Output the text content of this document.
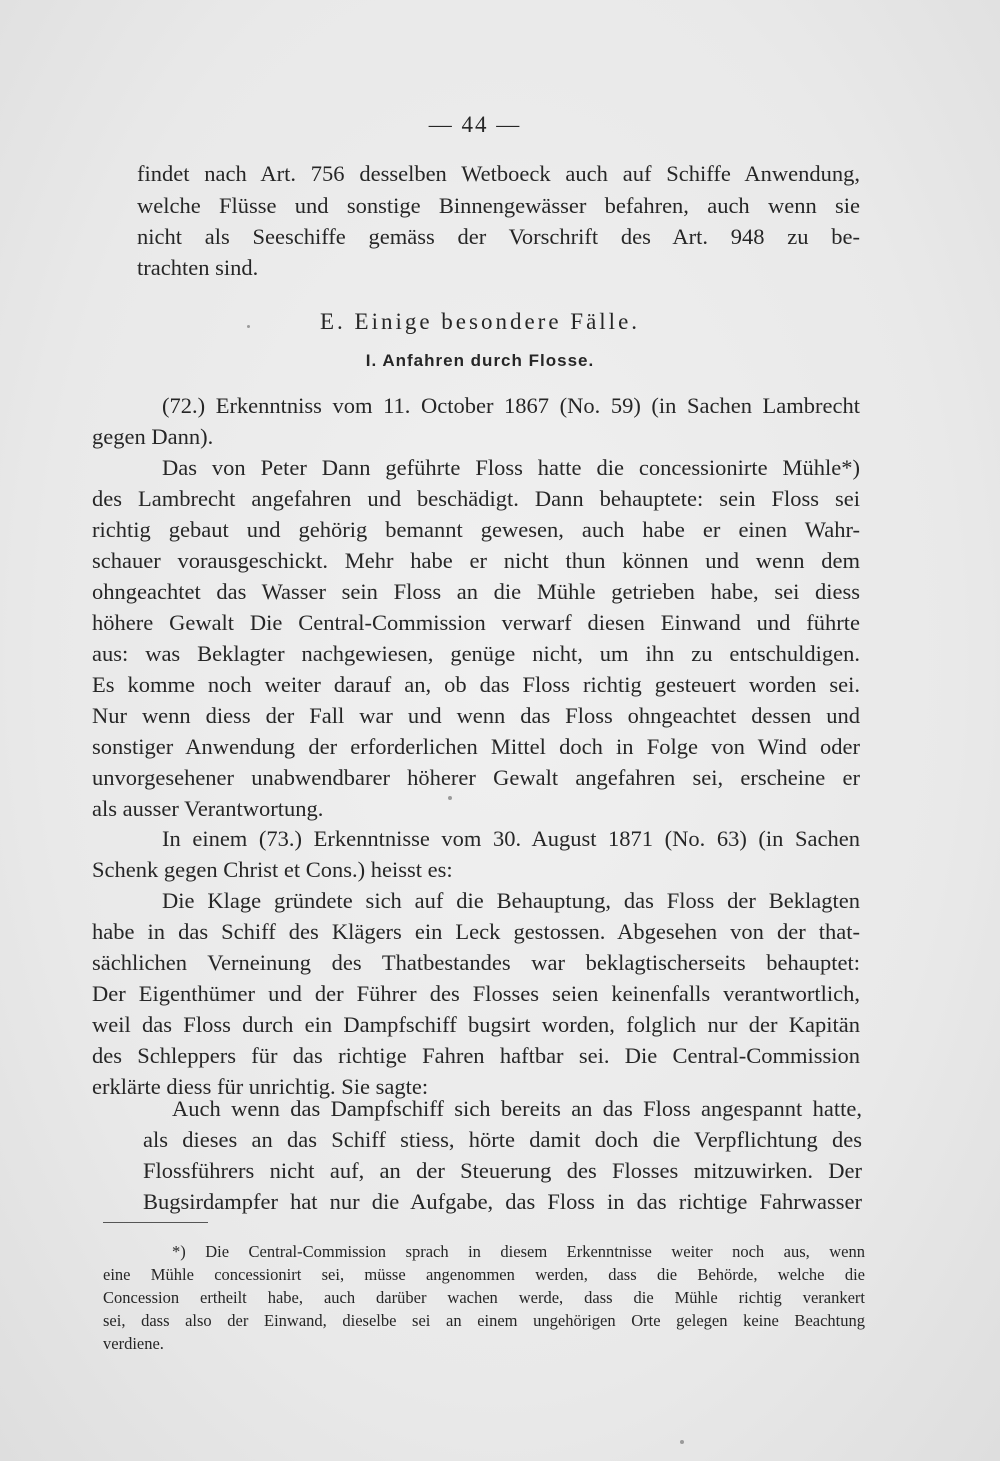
— 44 —

findet nach Art. 756 desselben Wetboeck auch auf Schiffe Anwendung,

welche Flüsse und sonstige Binnengewässer befahren, auch wenn sie

nicht als Seeschiffe gemäss der Vorschrift des Art. 948 zu be-

trachten sind.

E. Einige besondere Fälle.
I. Anfahren durch Flosse.

(72.) Erkenntniss vom 11. October 1867 (No. 59) (in Sachen Lambrecht

gegen Dann).

Das von Peter Dann geführte Floss hatte die concessionirte Mühle*)

des Lambrecht angefahren und beschädigt. Dann behauptete: sein Floss sei

richtig gebaut und gehörig bemannt gewesen, auch habe er einen Wahr-

schauer vorausgeschickt. Mehr habe er nicht thun können und wenn dem

ohngeachtet das Wasser sein Floss an die Mühle getrieben habe, sei diess

höhere Gewalt Die Central-Commission verwarf diesen Einwand und führte

aus: was Beklagter nachgewiesen, genüge nicht, um ihn zu entschuldigen.

Es komme noch weiter darauf an, ob das Floss richtig gesteuert worden sei.

Nur wenn diess der Fall war und wenn das Floss ohngeachtet dessen und

sonstiger Anwendung der erforderlichen Mittel doch in Folge von Wind oder

unvorgesehener unabwendbarer höherer Gewalt angefahren sei, erscheine er

als ausser Verantwortung.

In einem (73.) Erkenntnisse vom 30. August 1871 (No. 63) (in Sachen

Schenk gegen Christ et Cons.) heisst es:

Die Klage gründete sich auf die Behauptung, das Floss der Beklagten

habe in das Schiff des Klägers ein Leck gestossen. Abgesehen von der that-

sächlichen Verneinung des Thatbestandes war beklagtischerseits behauptet:

Der Eigenthümer und der Führer des Flosses seien keinenfalls verantwortlich,

weil das Floss durch ein Dampfschiff bugsirt worden, folglich nur der Kapitän

des Schleppers für das richtige Fahren haftbar sei. Die Central-Commission

erklärte diess für unrichtig. Sie sagte:

Auch wenn das Dampfschiff sich bereits an das Floss angespannt hatte,

als dieses an das Schiff stiess, hörte damit doch die Verpflichtung des

Flossführers nicht auf, an der Steuerung des Flosses mitzuwirken. Der

Bugsirdampfer hat nur die Aufgabe, das Floss in das richtige Fahrwasser

*) Die Central-Commission sprach in diesem Erkenntnisse weiter noch aus, wenn

eine Mühle concessionirt sei, müsse angenommen werden, dass die Behörde, welche die

Concession ertheilt habe, auch darüber wachen werde, dass die Mühle richtig verankert

sei, dass also der Einwand, dieselbe sei an einem ungehörigen Orte gelegen keine Beachtung

verdiene.
